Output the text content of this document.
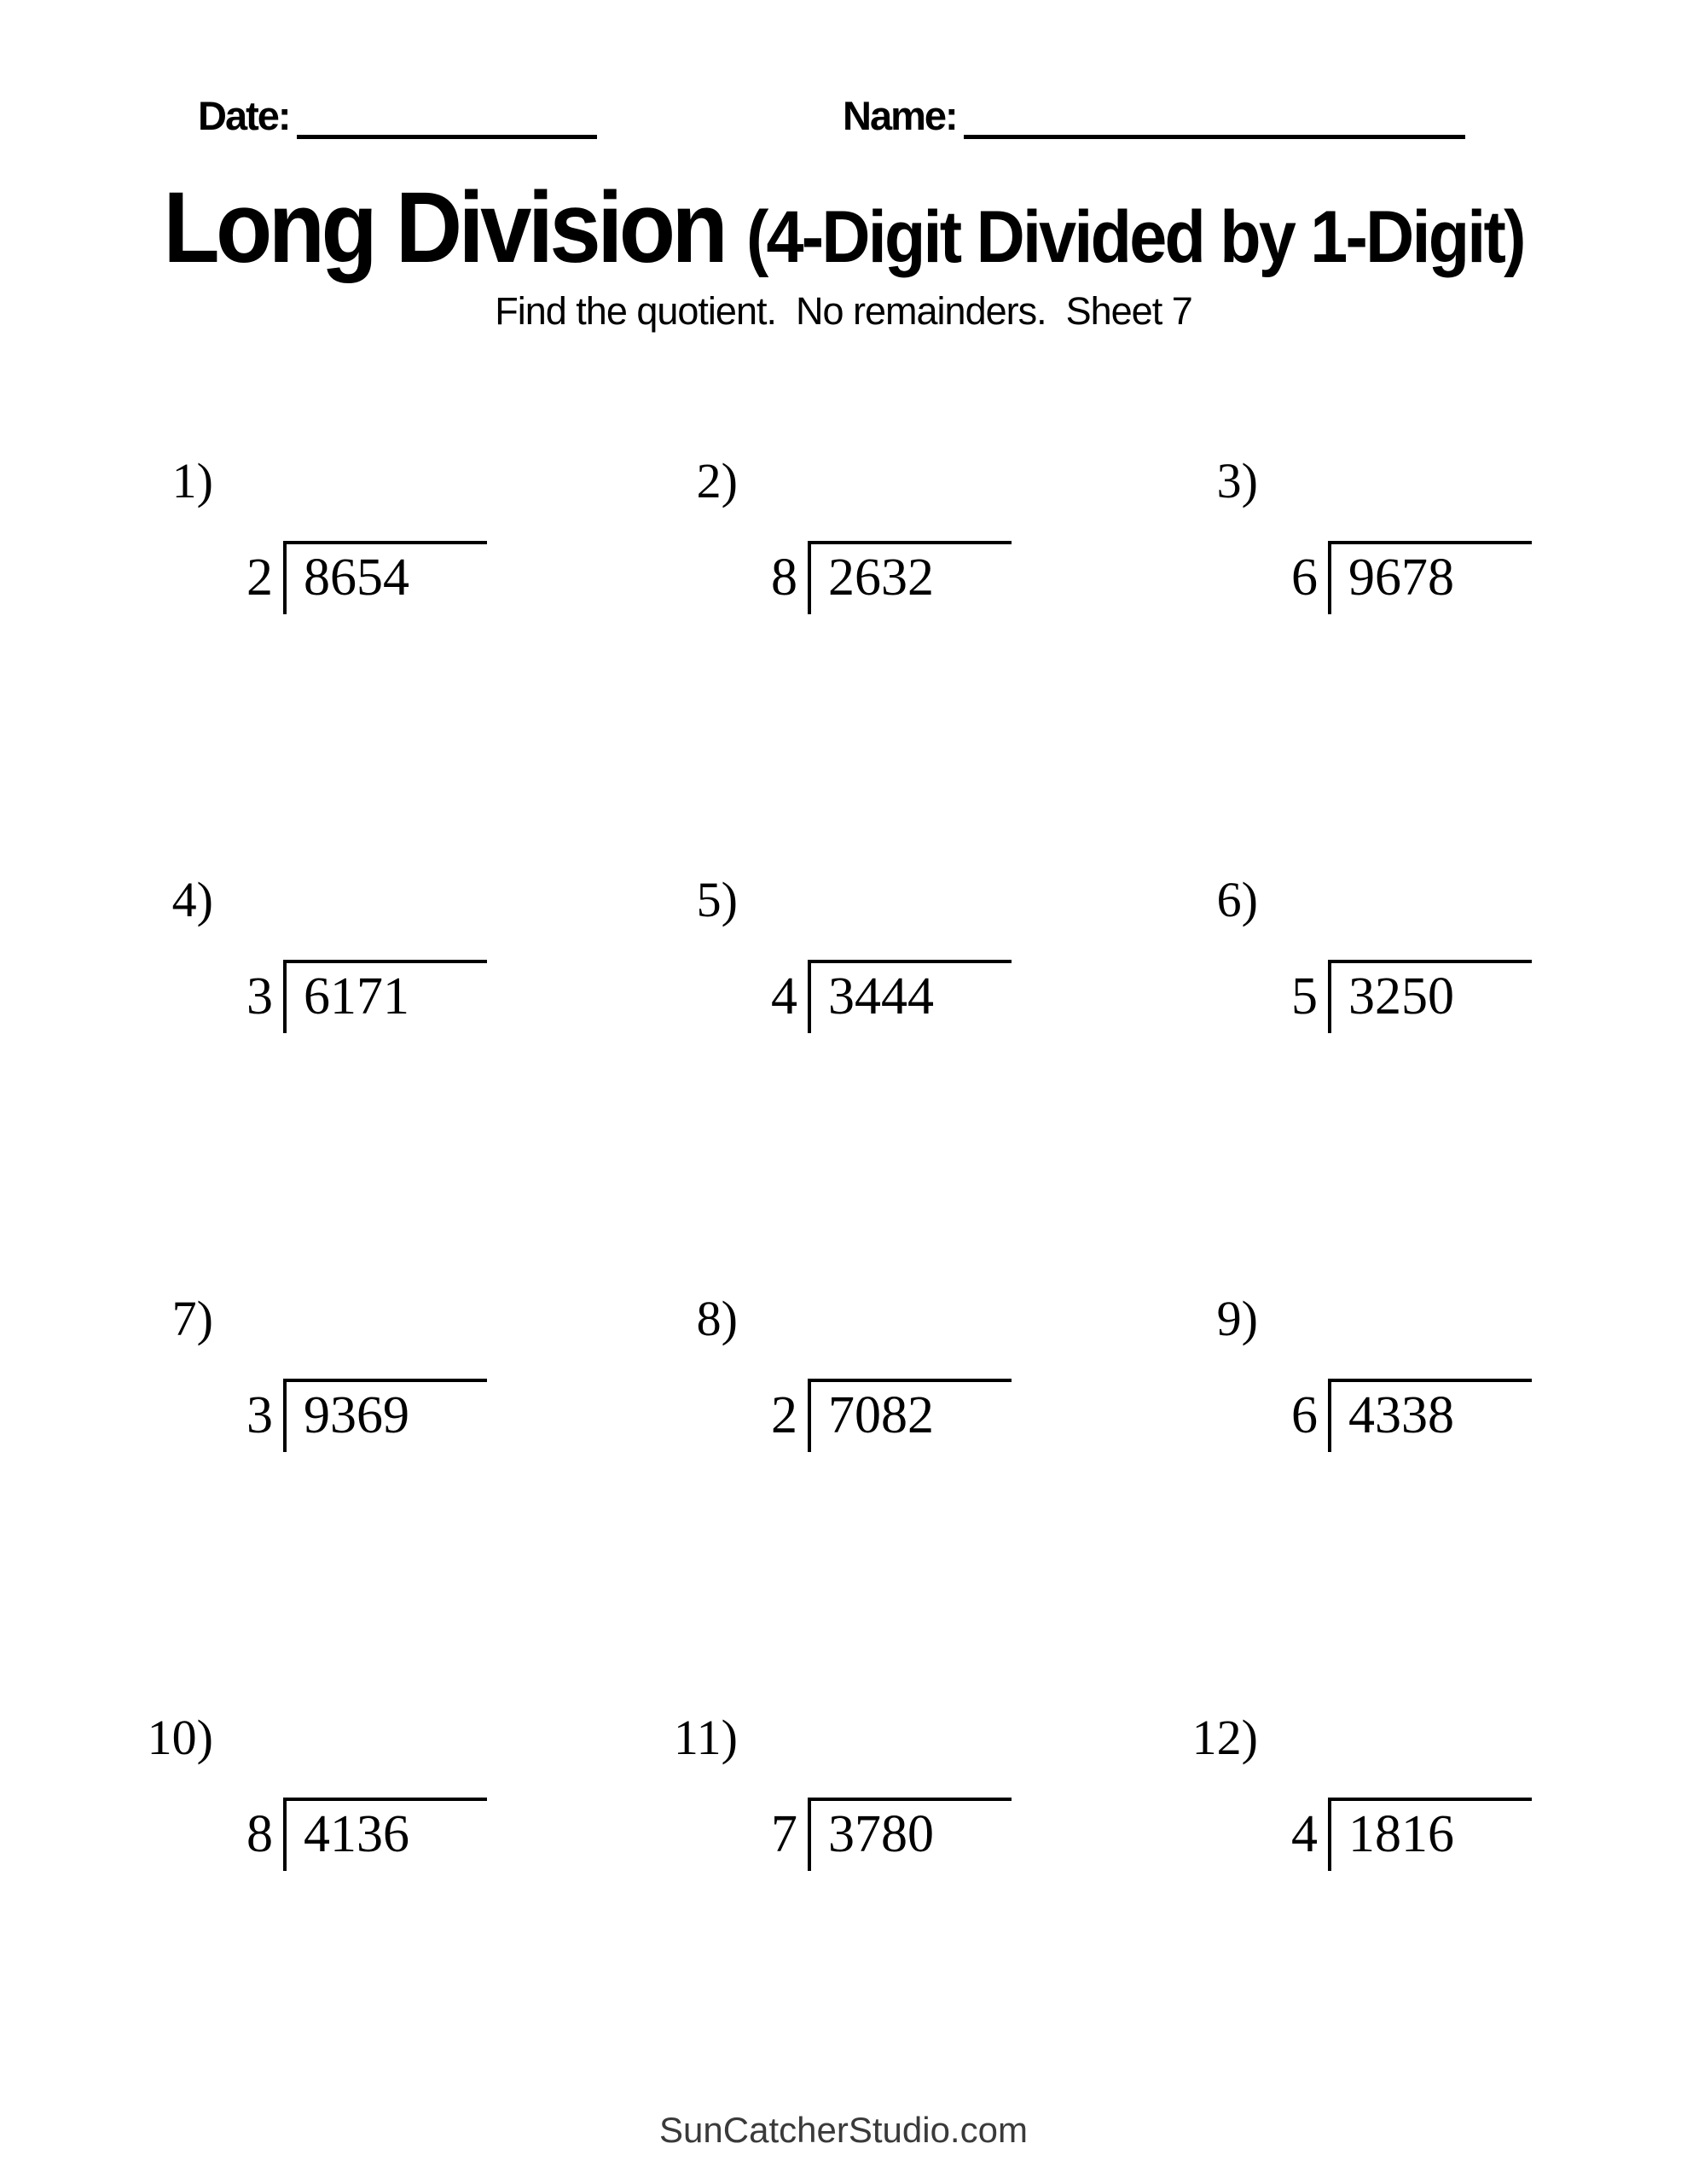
Date:	Name:
Long Division (4-Digit Divided by 1-Digit)
Find the quotient.  No remainders.  Sheet 7
1)
2 8654
2)
8 2632
3)
6 9678
4)
3 6171
5)
4 3444
6)
5 3250
7)
3 9369
8)
2 7082
9)
6 4338
10)
8 4136
11)
7 3780
12)
4 1816
SunCatcherStudio.com
